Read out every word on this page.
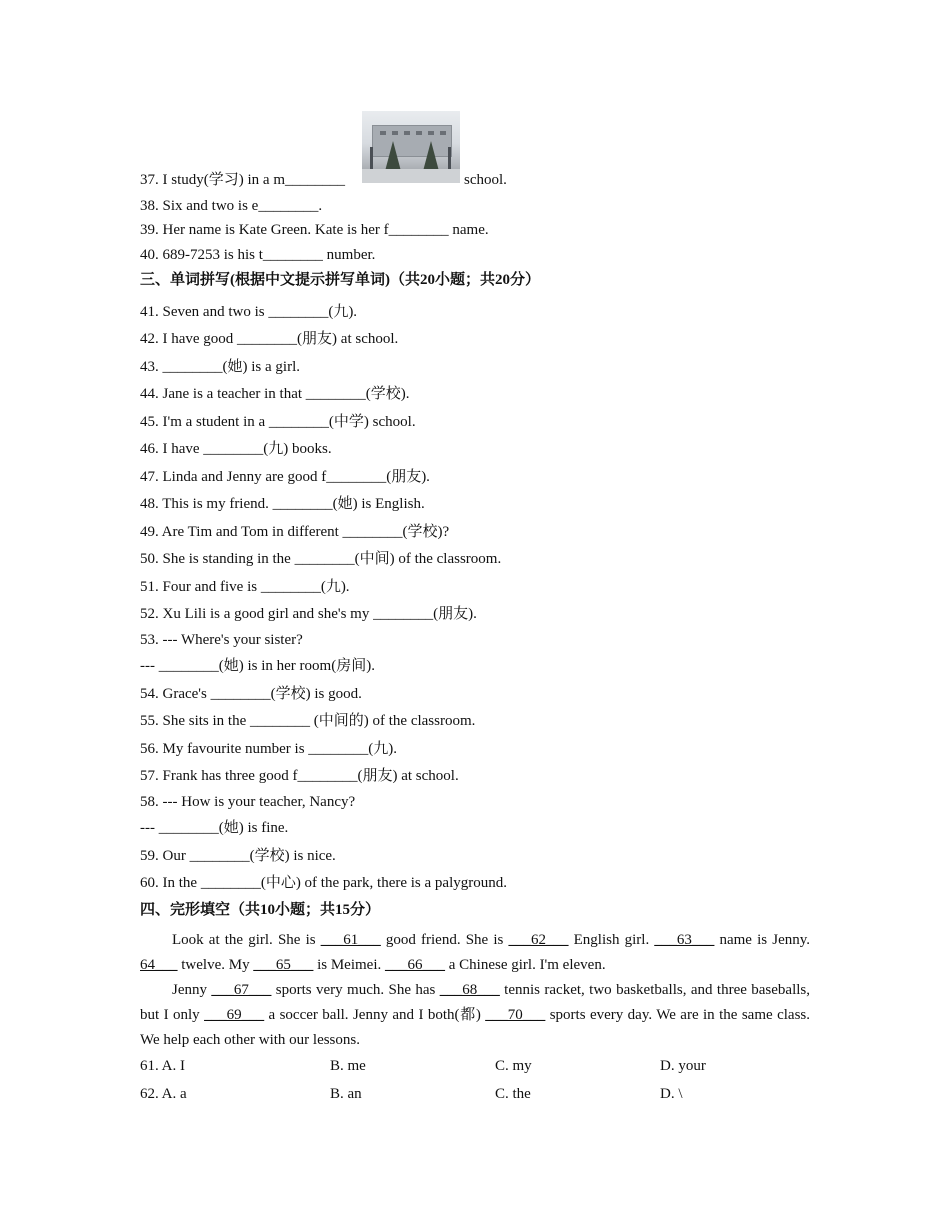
37. I study(学习) in a m________	school.
38. Six and two is e________.
39. Her name is Kate Green. Kate is her f________ name.
40. 689-7253 is his t________ number.
三、单词拼写(根据中文提示拼写单词)（共20小题；共20分）
41. Seven and two is ________(九).
42. I have good ________(朋友) at school.
43. ________(她) is a girl.
44. Jane is a teacher in that ________(学校).
45. I'm a student in a ________(中学) school.
46. I have ________(九) books.
47. Linda and Jenny are good f________(朋友).
48. This is my friend. ________(她) is English.
49. Are Tim and Tom in different ________(学校)?
50. She is standing in the ________(中间) of the classroom.
51. Four and five is ________(九).
52. Xu Lili is a good girl and she's my ________(朋友).
53. --- Where's your sister?
--- ________(她) is in her room(房间).
54. Grace's ________(学校) is good.
55. She sits in the ________ (中间的) of the classroom.
56. My favourite number is ________(九).
57. Frank has three good f________(朋友) at school.
58. --- How is your teacher, Nancy?
--- ________(她) is fine.
59. Our ________(学校) is nice.
60. In the ________(中心) of the park, there is a palyground.
四、完形填空（共10小题；共15分）
Look at the girl. She is ___61___ good friend. She is ___62___ English girl. ___63___ name is Jenny. 64___ twelve. My ___65___ is Meimei. ___66___ a Chinese girl. I'm eleven.
Jenny ___67___ sports very much. She has ___68___ tennis racket, two basketballs, and three baseballs, but I only ___69___ a soccer ball. Jenny and I both(都) ___70___ sports every day. We are in the same class. We help each other with our lessons.
61. A. I	B. me	C. my	D. your
62. A. a	B. an	C. the	D. \
